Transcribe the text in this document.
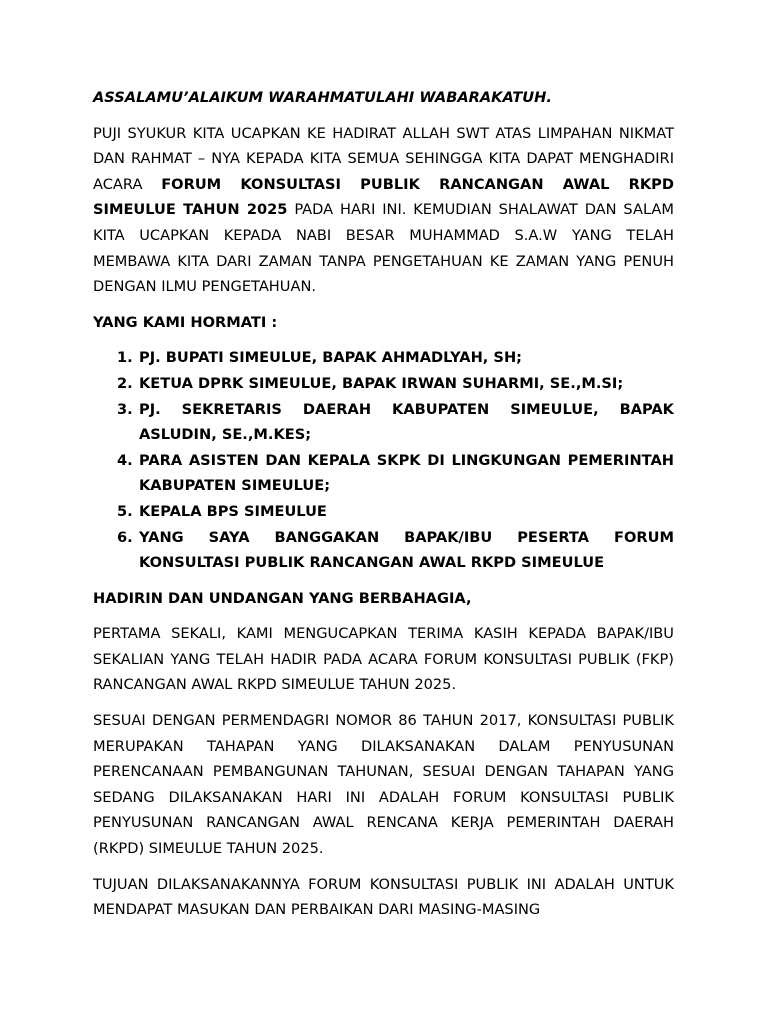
ASSALAMU’ALAIKUM WARAHMATULAHI WABARAKATUH.

PUJI SYUKUR KITA UCAPKAN KE HADIRAT ALLAH SWT ATAS LIMPAHAN NIKMAT DAN RAHMAT – NYA KEPADA KITA SEMUA SEHINGGA KITA DAPAT MENGHADIRI ACARA FORUM KONSULTASI PUBLIK RANCANGAN AWAL RKPD SIMEULUE TAHUN 2025 PADA HARI INI. KEMUDIAN SHALAWAT DAN SALAM KITA UCAPKAN KEPADA NABI BESAR MUHAMMAD S.A.W YANG TELAH MEMBAWA KITA DARI ZAMAN TANPA PENGETAHUAN KE ZAMAN YANG PENUH DENGAN ILMU PENGETAHUAN.

YANG KAMI HORMATI :

1. PJ. BUPATI SIMEULUE, BAPAK AHMADLYAH, SH;
2. KETUA DPRK SIMEULUE, BAPAK IRWAN SUHARMI, SE.,M.SI;
3. PJ. SEKRETARIS DAERAH KABUPATEN SIMEULUE, BAPAK ASLUDIN, SE.,M.KES;
4. PARA ASISTEN DAN KEPALA SKPK DI LINGKUNGAN PEMERINTAH KABUPATEN SIMEULUE;
5. KEPALA BPS SIMEULUE
6. YANG SAYA BANGGAKAN BAPAK/IBU PESERTA FORUM KONSULTASI PUBLIK RANCANGAN AWAL RKPD SIMEULUE

HADIRIN DAN UNDANGAN YANG BERBAHAGIA,

PERTAMA SEKALI, KAMI MENGUCAPKAN TERIMA KASIH KEPADA BAPAK/IBU SEKALIAN YANG TELAH HADIR PADA ACARA FORUM KONSULTASI PUBLIK (FKP) RANCANGAN AWAL RKPD SIMEULUE TAHUN 2025.

SESUAI DENGAN PERMENDAGRI NOMOR 86 TAHUN 2017, KONSULTASI PUBLIK MERUPAKAN TAHAPAN YANG DILAKSANAKAN DALAM PENYUSUNAN PERENCANAAN PEMBANGUNAN TAHUNAN, SESUAI DENGAN TAHAPAN YANG SEDANG DILAKSANAKAN HARI INI ADALAH FORUM KONSULTASI PUBLIK PENYUSUNAN RANCANGAN AWAL RENCANA KERJA PEMERINTAH DAERAH (RKPD) SIMEULUE TAHUN 2025.

TUJUAN DILAKSANAKANNYA FORUM KONSULTASI PUBLIK INI ADALAH UNTUK MENDAPAT MASUKAN DAN PERBAIKAN DARI MASING-MASING
